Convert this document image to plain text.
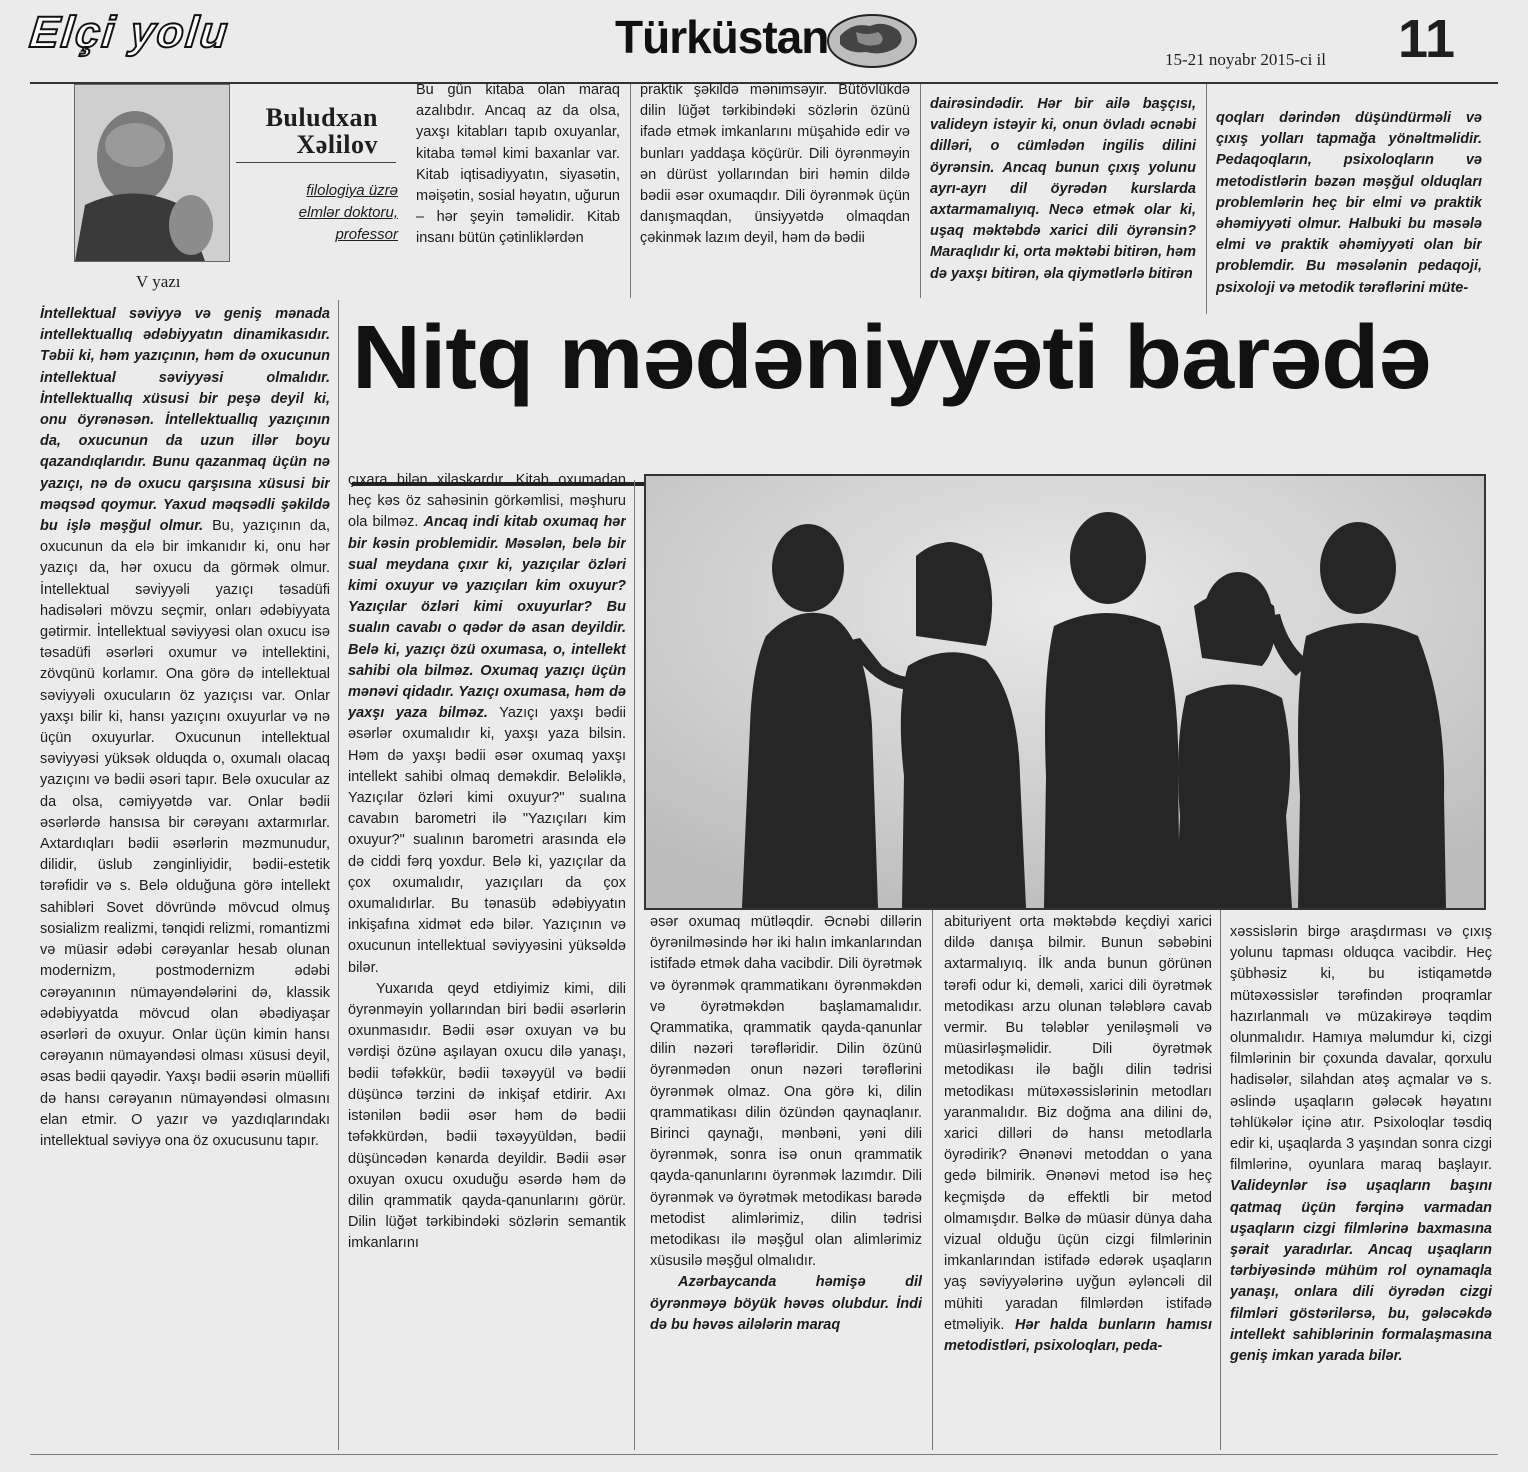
Elçi yolu	Türküstan	15-21 noyabr 2015-ci il 11
Buludxan
Xəlilov
filologiya üzrə
elmlər doktoru,
professor
V yazı
Bu gün kitaba olan maraq azalıbdır. Ancaq az da olsa, yaxşı kitabları tapıb oxuyanlar, kitaba təməl kimi baxanlar var. Kitab iqtisadiyyatın, siyasətin, məişətin, sosial həyatın, uğurun – hər şeyin təməlidir. Kitab insanı bütün çətinliklərdən
praktik şəkildə mənimsəyir. Bütövlükdə dilin lüğət tərkibindəki sözlərin özünü ifadə etmək imkanlarını müşahidə edir və bunları yaddaşa köçürür. Dili öyrənməyin ən dürüst yollarından biri həmin dildə bədii əsər oxumaqdır. Dili öyrənmək üçün danışmaqdan, ünsiyyətdə olmaqdan çəkinmək lazım deyil, həm də bədii
dairəsindədir. Hər bir ailə başçısı, valideyn istəyir ki, onun övladı əcnəbi dilləri, o cümlədən ingilis dilini öyrənsin. Ancaq bunun çıxış yolunu ayrı-ayrı dil öyrədən kurslarda axtarmamalıyıq. Necə etmək olar ki, uşaq məktəbdə xarici dili öyrənsin? Maraqlıdır ki, orta məktəbi bitirən, həm də yaxşı bitirən, əla qiymətlərlə bitirən
qoqları dərindən düşündürməli və çıxış yolları tapmağa yönəltməlidir. Pedaqoqların, psixoloqların və metodistlərin bəzən məşğul olduqları problemlərin heç bir elmi və praktik əhəmiyyəti olmur. Halbuki bu məsələ elmi və praktik əhəmiyyəti olan bir problemdir. Bu məsələnin pedaqoji, psixoloji və metodik tərəflərini müte-
Nitq mədəniyyəti barədə
İntellektual səviyyə və geniş mənada intellektuallıq ədəbiyyatın dinamikasıdır. Təbii ki, həm yazıçının, həm də oxucunun intellektual səviyyəsi olmalıdır. İntellektuallıq xüsusi bir peşə deyil ki, onu öyrənəsən. İntellektuallıq yazıçının da, oxucunun da uzun illər boyu qazandıqlarıdır. Bunu qazanmaq üçün nə yazıçı, nə də oxucu qarşısına xüsusi bir məqsəd qoymur. Yaxud məqsədli şəkildə bu işlə məşğul olmur. Bu, yazıçının da, oxucunun da elə bir imkanıdır ki, onu hər yazıçı da, hər oxucu da görmək olmur. İntellektual səviyyəli yazıçı təsadüfi hadisələri mövzu seçmir, onları ədəbiyyata gətirmir. İntellektual səviyyəsi olan oxucu isə təsadüfi əsərləri oxumur və intellektini, zövqünü korlamır. Ona görə də intellektual səviyyəli oxucuların öz yazıçısı var. Onlar yaxşı bilir ki, hansı yazıçını oxuyurlar və nə üçün oxuyurlar. Oxucunun intellektual səviyyəsi yüksək olduqda o, oxumalı olacaq yazıçını və bədii əsəri tapır. Belə oxucular az da olsa, cəmiyyətdə var. Onlar bədii əsərlərdə hansısa bir cərəyanı axtarmırlar. Axtardıqları bədii əsərlərin məzmunudur, dilidir, üslub zənginliyidir, bədii-estetik tərəfidir və s. Belə olduğuna görə intellekt sahibləri Sovet dövründə mövcud olmuş sosializm realizmi, tənqidi relizmi, romantizmi və müasir ədəbi cərəyanlar hesab olunan modernizm, postmodernizm ədəbi cərəyanının nümayəndələrini də, klassik ədəbiyyatda mövcud olan əbədiyaşar əsərləri də oxuyur. Onlar üçün kimin hansı cərəyanın nümayəndəsi olması xüsusi deyil, əsas bədii qayədir. Yaxşı bədii əsərin müəllifi də hansı cərəyanın nümayəndəsi olmasını elan etmir. O yazır və yazdıqlarındakı intellektual səviyyə ona öz oxucusunu tapır.
çıxara bilən xilaskardır. Kitab oxumadan heç kəs öz sahəsinin görkəmlisi, məşhuru ola bilməz. Ancaq indi kitab oxumaq hər bir kəsin problemidir. Məsələn, belə bir sual meydana çıxır ki, yazıçılar özləri kimi oxuyur və yazıçıları kim oxuyur? Yazıçılar özləri kimi oxuyurlar? Bu sualın cavabı o qədər də asan deyildir. Belə ki, yazıçı özü oxumasa, o, intellekt sahibi ola bilməz. Oxumaq yazıçı üçün mənəvi qidadır. Yazıçı oxumasa, həm də yaxşı yaza bilməz. Yazıçı yaxşı bədii əsərlər oxumalıdır ki, yaxşı yaza bilsin. Həm də yaxşı bədii əsər oxumaq yaxşı intellekt sahibi olmaq deməkdir. Beləliklə, Yazıçılar özləri kimi oxuyur?" sualına cavabın barometri ilə "Yazıçıları kim oxuyur?" sualının barometri arasında elə də ciddi fərq yoxdur. Belə ki, yazıçılar da çox oxumalıdır, yazıçıları da çox oxumalıdırlar. Bu tənasüb ədəbiyyatın inkişafına xidmət edə bilər. Yazıçının və oxucunun intellektual səviyyəsini yüksəldə bilər.
Yuxarıda qeyd etdiyimiz kimi, dili öyrənməyin yollarından biri bədii əsərlərin oxunmasıdır. Bədii əsər oxuyan və bu vərdişi özünə aşılayan oxucu dilə yanaşı, bədii təfəkkür, bədii təxəyyül və bədii düşüncə tərzini də inkişaf etdirir. Axı istənilən bədii əsər həm də bədii təfəkkürdən, bədii təxəyyüldən, bədii düşüncədən kənarda deyildir. Bədii əsər oxuyan oxucu oxuduğu əsərdə həm də dilin qrammatik qayda-qanunlarını görür. Dilin lüğət tərkibindəki sözlərin semantik imkanlarını
əsər oxumaq mütləqdir. Əcnəbi dillərin öyrənilməsində hər iki halın imkanlarından istifadə etmək daha vacibdir. Dili öyrətmək və öyrənmək qrammatikanı öyrənməkdən və öyrətməkdən başlamamalıdır. Qrammatika, qrammatik qayda-qanunlar dilin nəzəri tərəfləridir. Dilin özünü öyrənmədən onun nəzəri tərəflərini öyrənmək olmaz. Ona görə ki, dilin qrammatikası dilin özündən qaynaqlanır. Birinci qaynağı, mənbəni, yəni dili öyrənmək, sonra isə onun qrammatik qayda-qanunlarını öyrənmək lazımdır. Dili öyrənmək və öyrətmək metodikası barədə metodist alimlərimiz, dilin tədrisi metodikası ilə məşğul olan alimlərimiz xüsusilə məşğul olmalıdır.
Azərbaycanda həmişə dil öyrənməyə böyük həvəs olubdur. İndi də bu həvəs ailələrin maraq
abituriyent orta məktəbdə keçdiyi xarici dildə danışa bilmir. Bunun səbəbini axtarmalıyıq. İlk anda bunun görünən tərəfi odur ki, deməli, xarici dili öyrətmək metodikası arzu olunan tələblərə cavab vermir. Bu tələblər yeniləşməli və müasirləşməlidir. Dili öyrətmək metodikası ilə bağlı dilin tədrisi metodikası mütəxəssislərinin metodları yaranmalıdır. Biz doğma ana dilini də, xarici dilləri də hansı metodlarla öyrədirik? Ənənəvi metoddan o yana gedə bilmirik. Ənənəvi metod isə heç keçmişdə də effektli bir metod olmamışdır. Bəlkə də müasir dünya daha vizual olduğu üçün cizgi filmlərinin imkanlarından istifadə edərək uşaqların yaş səviyyələrinə uyğun əyləncəli dil mühiti yaradan filmlərdən istifadə etməliyik. Hər halda bunların hamısı metodistləri, psixoloqları, peda-
xəssislərin birgə araşdırması və çıxış yolunu tapması olduqca vacibdir. Heç şübhəsiz ki, bu istiqamətdə mütəxəssislər tərəfindən proqramlar hazırlanmalı və müzakirəyə təqdim olunmalıdır. Hamıya məlumdur ki, cizgi filmlərinin bir çoxunda davalar, qorxulu hadisələr, silahdan atəş açmalar və s. əslində uşaqların gələcək həyatını təhlükələr içinə atır. Psixoloqlar təsdiq edir ki, uşaqlarda 3 yaşından sonra cizgi filmlərinə, oyunlara maraq başlayır. Valideynlər isə uşaqların başını qatmaq üçün fərqinə varmadan uşaqların cizgi filmlərinə baxmasına şərait yaradırlar. Ancaq uşaqların tərbiyəsində mühüm rol oynamaqla yanaşı, onlara dili öyrədən cizgi filmləri göstərilərsə, bu, gələcəkdə intellekt sahiblərinin formalaşmasına geniş imkan yarada bilər.
